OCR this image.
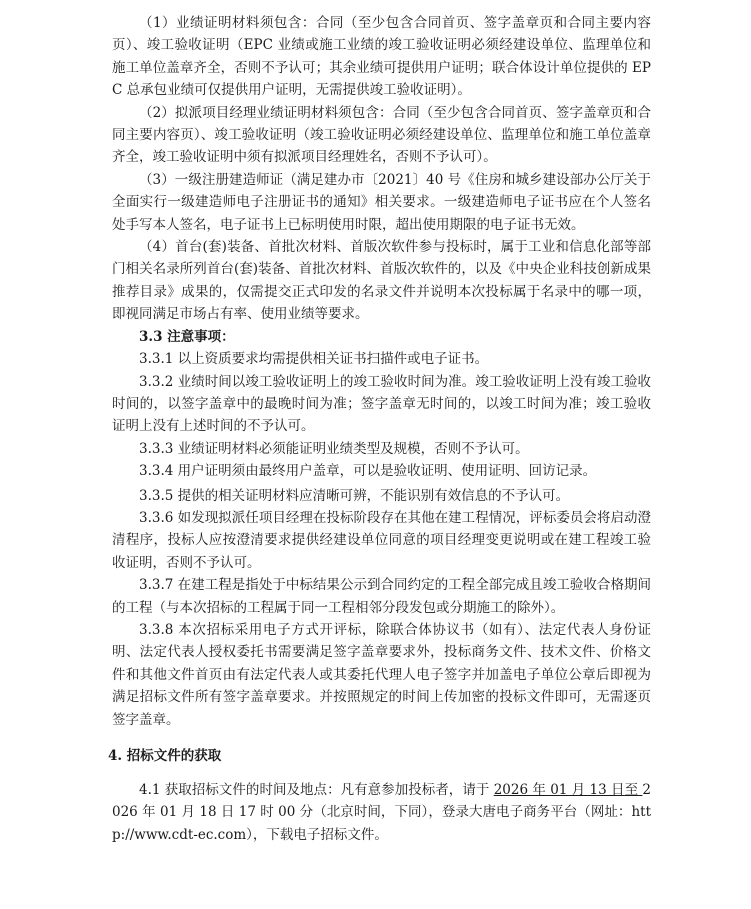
（1）业绩证明材料须包含：合同（至少包含合同首页、签字盖章页和合同主要内容页）、竣工验收证明（EPC 业绩或施工业绩的竣工验收证明必须经建设单位、监理单位和施工单位盖章齐全，否则不予认可；其余业绩可提供用户证明；联合体设计单位提供的 EPC 总承包业绩可仅提供用户证明，无需提供竣工验收证明）。

（2）拟派项目经理业绩证明材料须包含：合同（至少包含合同首页、签字盖章页和合同主要内容页）、竣工验收证明（竣工验收证明必须经建设单位、监理单位和施工单位盖章齐全，竣工验收证明中须有拟派项目经理姓名，否则不予认可）。

（3）一级注册建造师证（满足建办市〔2021〕40 号《住房和城乡建设部办公厅关于全面实行一级建造师电子注册证书的通知》相关要求。一级建造师电子证书应在个人签名处手写本人签名，电子证书上已标明使用时限，超出使用期限的电子证书无效。

（4）首台(套)装备、首批次材料、首版次软件参与投标时，属于工业和信息化部等部门相关名录所列首台(套)装备、首批次材料、首版次软件的，以及《中央企业科技创新成果推荐目录》成果的，仅需提交正式印发的名录文件并说明本次投标属于名录中的哪一项，即视同满足市场占有率、使用业绩等要求。

3.3 注意事项：

3.3.1 以上资质要求均需提供相关证书扫描件或电子证书。

3.3.2 业绩时间以竣工验收证明上的竣工验收时间为准。竣工验收证明上没有竣工验收时间的，以签字盖章中的最晚时间为准；签字盖章无时间的，以竣工时间为准；竣工验收证明上没有上述时间的不予认可。

3.3.3 业绩证明材料必须能证明业绩类型及规模，否则不予认可。

3.3.4 用户证明须由最终用户盖章，可以是验收证明、使用证明、回访记录。

3.3.5 提供的相关证明材料应清晰可辨，不能识别有效信息的不予认可。

3.3.6 如发现拟派任项目经理在投标阶段存在其他在建工程情况，评标委员会将启动澄清程序，投标人应按澄清要求提供经建设单位同意的项目经理变更说明或在建工程竣工验收证明，否则不予认可。

3.3.7 在建工程是指处于中标结果公示到合同约定的工程全部完成且竣工验收合格期间的工程（与本次招标的工程属于同一工程相邻分段发包或分期施工的除外）。

3.3.8 本次招标采用电子方式开评标，除联合体协议书（如有）、法定代表人身份证明、法定代表人授权委托书需要满足签字盖章要求外，投标商务文件、技术文件、价格文件和其他文件首页由有法定代表人或其委托代理人电子签字并加盖电子单位公章后即视为满足招标文件所有签字盖章要求。并按照规定的时间上传加密的投标文件即可，无需逐页签字盖章。

4. 招标文件的获取

4.1 获取招标文件的时间及地点：凡有意参加投标者，请于 2026 年 01 月 13 日至 2026 年 01 月 18 日 17 时 00 分（北京时间，下同），登录大唐电子商务平台（网址：http://www.cdt-ec.com），下载电子招标文件。
